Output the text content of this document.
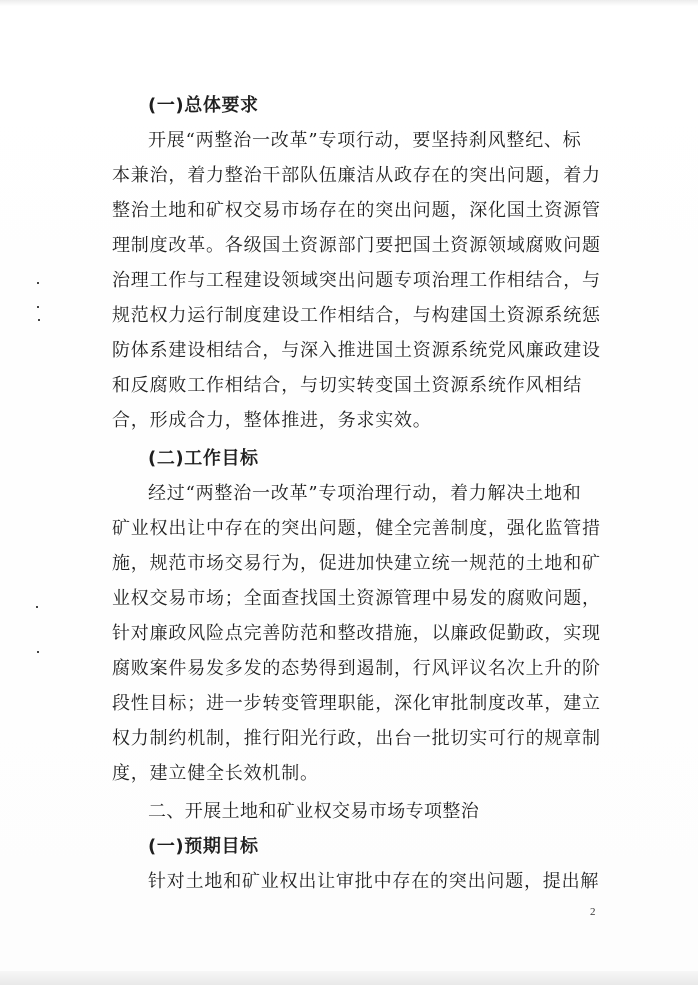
(一)总体要求
开展“两整治一改革”专项行动，要坚持刹风整纪、标
本兼治，着力整治干部队伍廉洁从政存在的突出问题，着力
整治土地和矿权交易市场存在的突出问题，深化国土资源管
理制度改革。各级国土资源部门要把国土资源领域腐败问题
治理工作与工程建设领域突出问题专项治理工作相结合，与
规范权力运行制度建设工作相结合，与构建国土资源系统惩
防体系建设相结合，与深入推进国土资源系统党风廉政建设
和反腐败工作相结合，与切实转变国土资源系统作风相结
合，形成合力，整体推进，务求实效。
(二)工作目标
经过“两整治一改革”专项治理行动，着力解决土地和
矿业权出让中存在的突出问题，健全完善制度，强化监管措
施，规范市场交易行为，促进加快建立统一规范的土地和矿
业权交易市场；全面查找国土资源管理中易发的腐败问题，
针对廉政风险点完善防范和整改措施，以廉政促勤政，实现
腐败案件易发多发的态势得到遏制，行风评议名次上升的阶
段性目标；进一步转变管理职能，深化审批制度改革，建立
权力制约机制，推行阳光行政，出台一批切实可行的规章制
度，建立健全长效机制。
二、开展土地和矿业权交易市场专项整治
(一)预期目标
针对土地和矿业权出让审批中存在的突出问题，提出解
2
